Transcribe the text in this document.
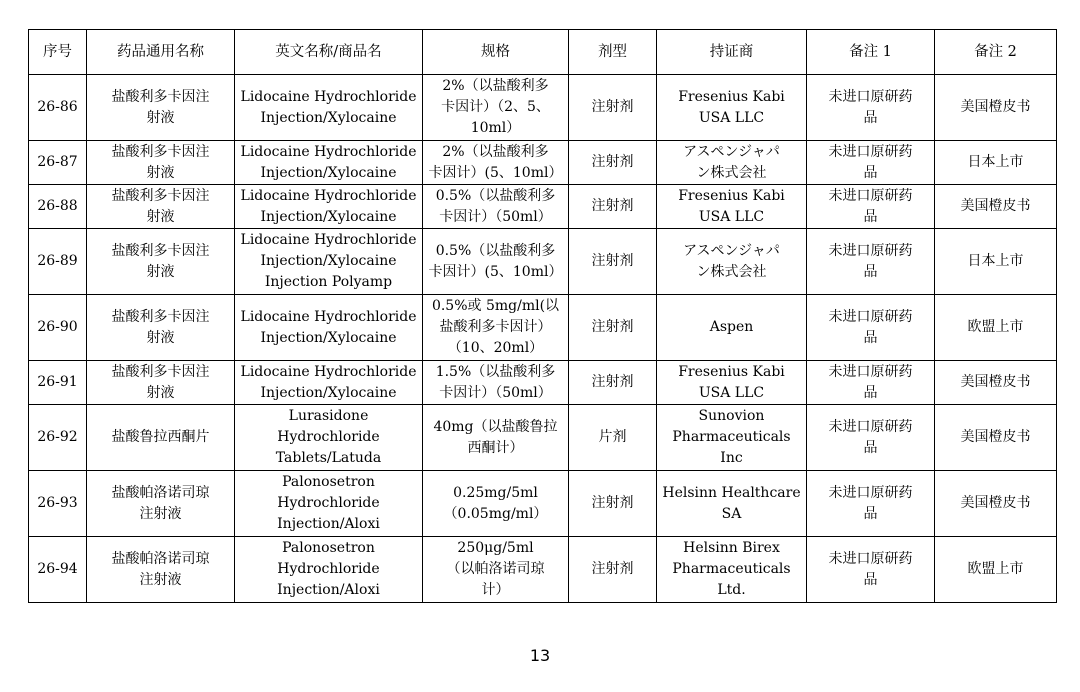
序号	药品通用名称	英文名称/商品名	规格	剂型	持证商	备注 1	备注 2
26-86	盐酸利多卡因注
射液	Lidocaine Hydrochloride
Injection/Xylocaine	2%（以盐酸利多
卡因计）（2、5、
10ml）	注射剂	Fresenius Kabi
USA LLC	未进口原研药
品	美国橙皮书
26-87	盐酸利多卡因注
射液	Lidocaine Hydrochloride
Injection/Xylocaine	2%（以盐酸利多
卡因计）(5、10ml）	注射剂	アスペンジャパ
ン株式会社	未进口原研药
品	日本上市
26-88	盐酸利多卡因注
射液	Lidocaine Hydrochloride
Injection/Xylocaine	0.5%（以盐酸利多
卡因计）（50ml）	注射剂	Fresenius Kabi
USA LLC	未进口原研药
品	美国橙皮书
26-89	盐酸利多卡因注
射液	Lidocaine Hydrochloride
Injection/Xylocaine
Injection Polyamp	0.5%（以盐酸利多
卡因计）(5、10ml）	注射剂	アスペンジャパ
ン株式会社	未进口原研药
品	日本上市
26-90	盐酸利多卡因注
射液	Lidocaine Hydrochloride
Injection/Xylocaine	0.5%或 5mg/ml(以
盐酸利多卡因计）
（10、20ml）	注射剂	Aspen	未进口原研药
品	欧盟上市
26-91	盐酸利多卡因注
射液	Lidocaine Hydrochloride
Injection/Xylocaine	1.5%（以盐酸利多
卡因计）（50ml）	注射剂	Fresenius Kabi
USA LLC	未进口原研药
品	美国橙皮书
26-92	盐酸鲁拉西酮片	Lurasidone
Hydrochloride
Tablets/Latuda	40mg（以盐酸鲁拉
西酮计）	片剂	Sunovion
Pharmaceuticals
Inc	未进口原研药
品	美国橙皮书
26-93	盐酸帕洛诺司琼
注射液	Palonosetron
Hydrochloride
Injection/Aloxi	0.25mg/5ml
（0.05mg/ml）	注射剂	Helsinn Healthcare
SA	未进口原研药
品	美国橙皮书
26-94	盐酸帕洛诺司琼
注射液	Palonosetron
Hydrochloride
Injection/Aloxi	250μg/5ml
（以帕洛诺司琼
计）	注射剂	Helsinn Birex
Pharmaceuticals
Ltd.	未进口原研药
品	欧盟上市
13
